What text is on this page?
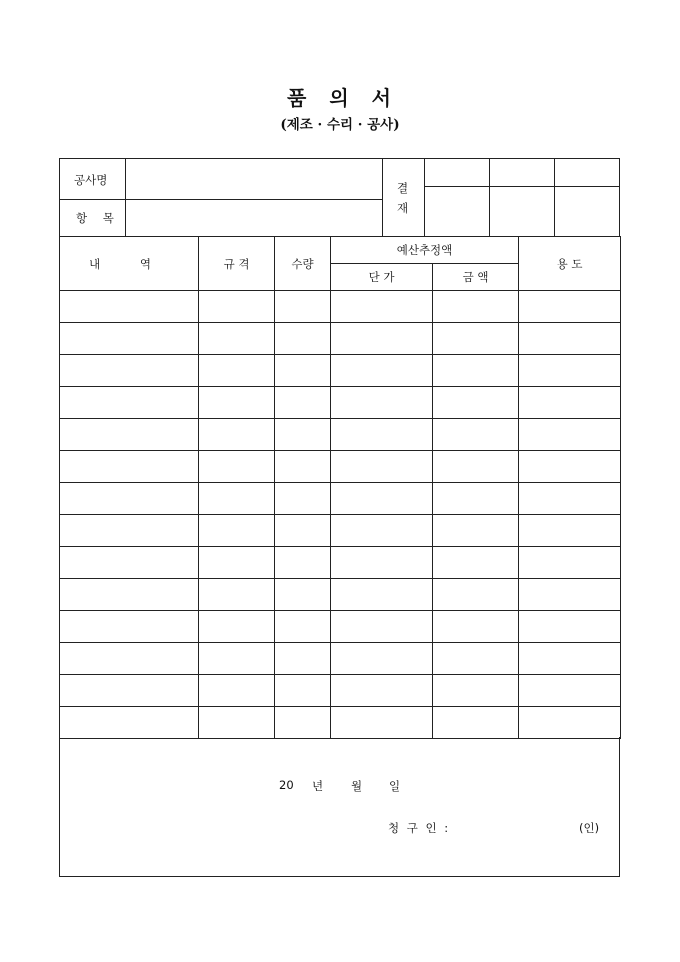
품 의 서
(제조 · 수리 · 공사)
공사명
항 목
결
재
내 역	규 격	수량	예산추정액		용 도
			단 가	금 액	

20 년 월 일
청 구 인 :	(인)
